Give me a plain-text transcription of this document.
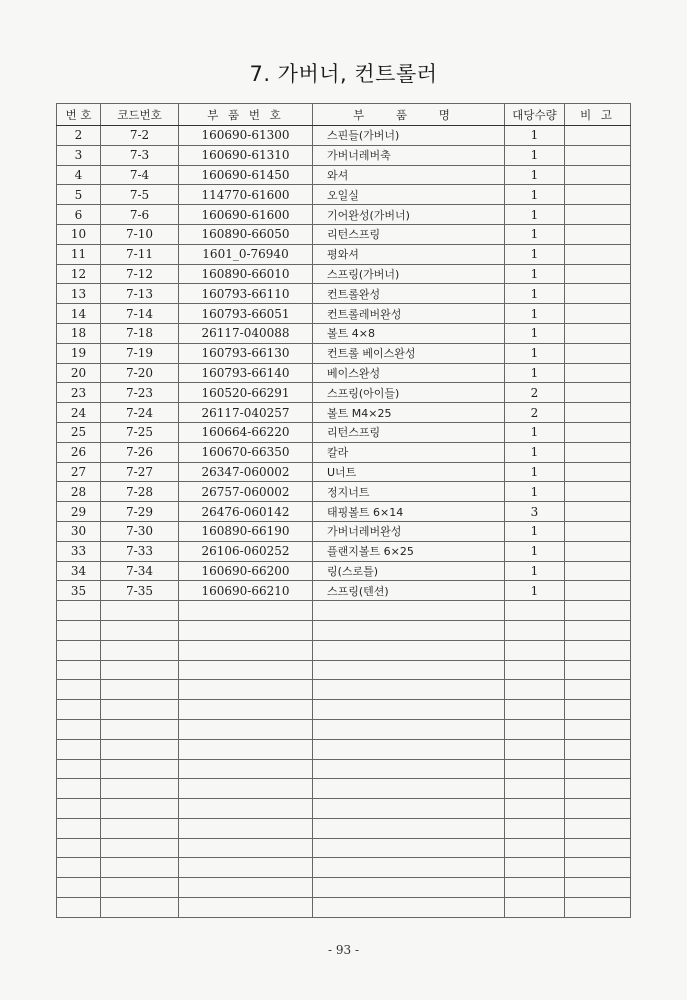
7. 가버너, 컨트롤러
번 호	코드번호	부 품 번 호	부 품 명	대당수량	비 고
2	7-2	160690-61300	스핀들(가버너)	1	
3	7-3	160690-61310	가버너레버축	1	
4	7-4	160690-61450	와셔	1	
5	7-5	114770-61600	오일실	1	
6	7-6	160690-61600	기어완성(가버너)	1	
10	7-10	160890-66050	리턴스프링	1	
11	7-11	1601_0-76940	평와셔	1	
12	7-12	160890-66010	스프링(가버너)	1	
13	7-13	160793-66110	컨트롤완성	1	
14	7-14	160793-66051	컨트롤레버완성	1	
18	7-18	26117-040088	볼트 4×8	1	
19	7-19	160793-66130	컨트롤 베이스완성	1	
20	7-20	160793-66140	베이스완성	1	
23	7-23	160520-66291	스프링(아이들)	2	
24	7-24	26117-040257	볼트 M4×25	2	
25	7-25	160664-66220	리턴스프링	1	
26	7-26	160670-66350	칼라	1	
27	7-27	26347-060002	U너트	1	
28	7-28	26757-060002	정지너트	1	
29	7-29	26476-060142	태핑볼트 6×14	3	
30	7-30	160890-66190	가버너레버완성	1	
33	7-33	26106-060252	플랜지볼트 6×25	1	
34	7-34	160690-66200	링(스로틀)	1	
35	7-35	160690-66210	스프링(텐션)	1	

- 93 -
